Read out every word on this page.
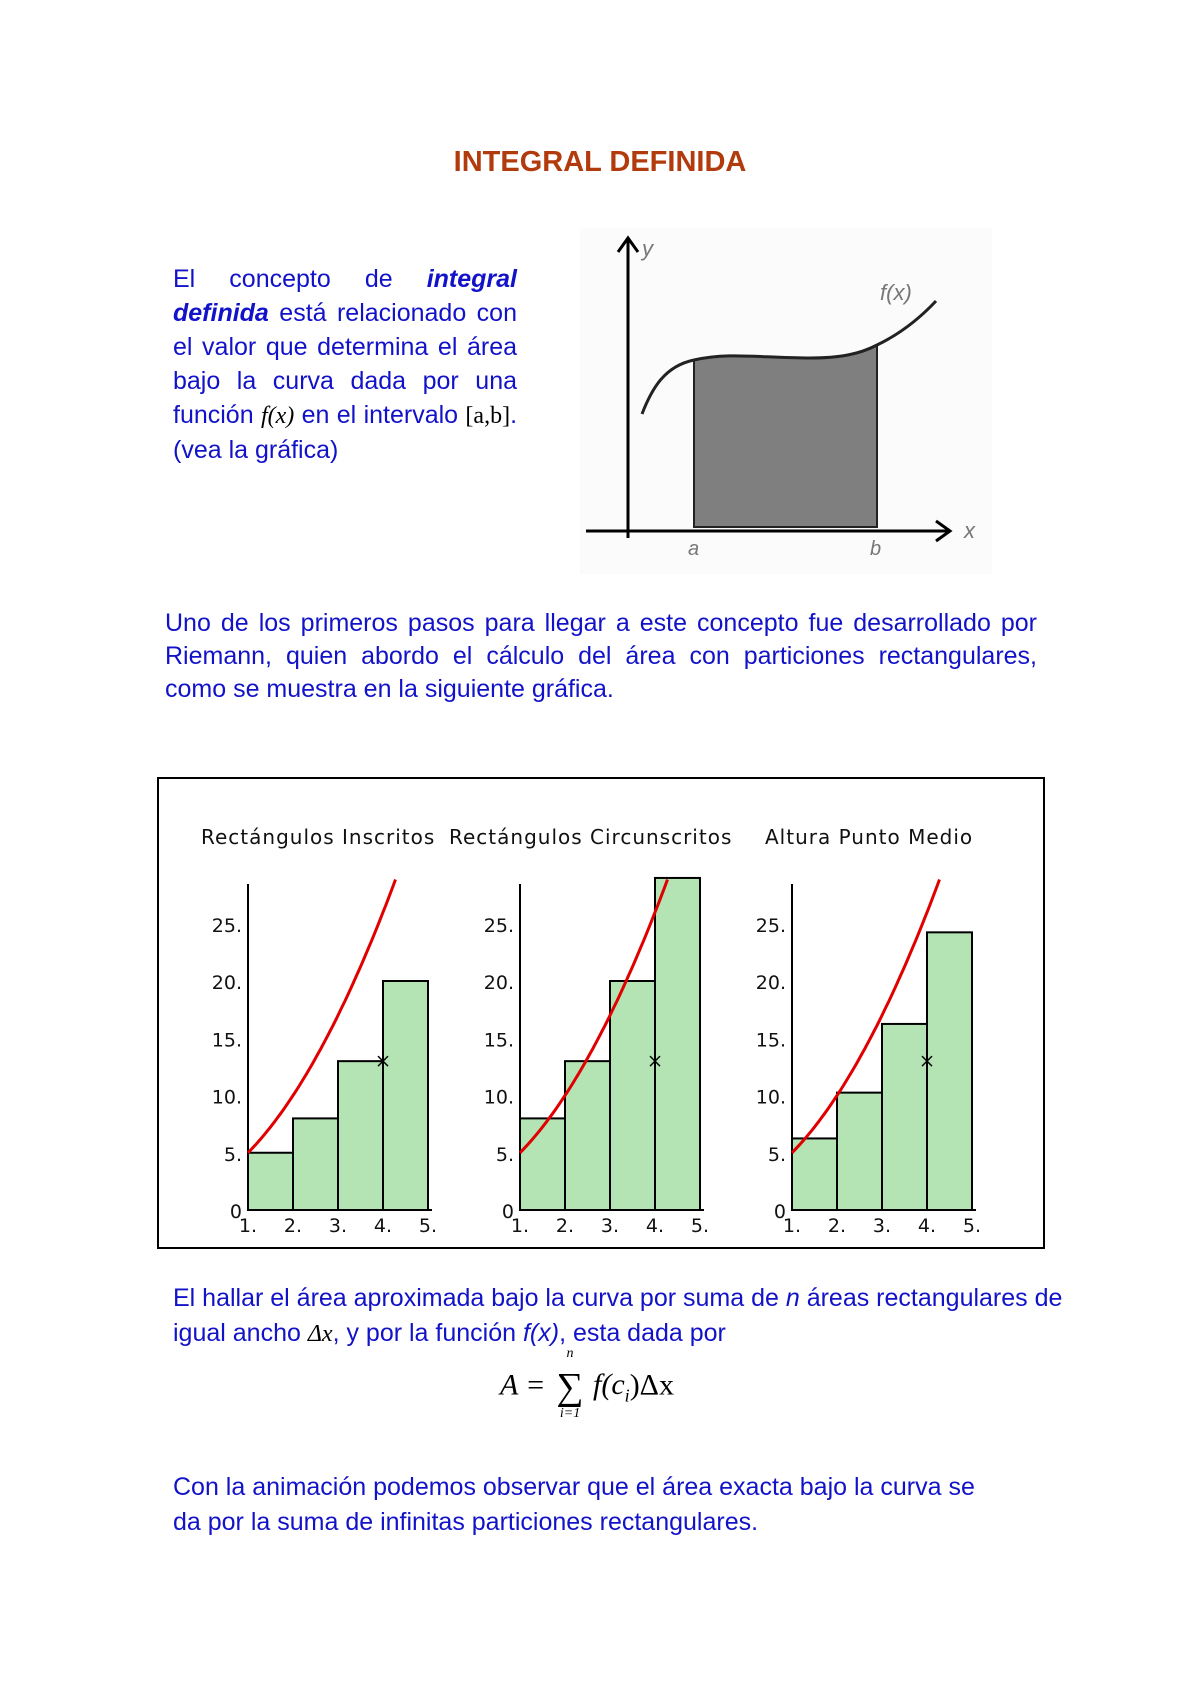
INTEGRAL DEFINIDA
El concepto de integral definida está relacionado con el valor que determina el área bajo la curva dada por una función f(x) en el intervalo [a,b]. (vea la gráfica)
y
x
f(x)
a	b
Uno de los primeros pasos para llegar a este concepto fue desarrollado por Riemann, quien abordo el cálculo del área con particiones rectangulares, como se muestra en la siguiente gráfica.
Rectángulos Inscritos Rectángulos Circunscritos Altura Punto Medio
0
5.
10.
15.
20.
25.
1. 2. 3. 4. 5.
0
5.
10.
15.
20.
25.
1. 2. 3. 4. 5.
0
5.
10.
15.
20.
25.
1. 2. 3. 4. 5.
El hallar el área aproximada bajo la curva por suma de n áreas rectangulares de igual ancho Δx, y por la función f(x), esta dada por
A =
n
∑
i=1
$f(c_i)\Delta x$
Con la animación podemos observar que el área exacta bajo la curva se da por la suma de infinitas particiones rectangulares.
